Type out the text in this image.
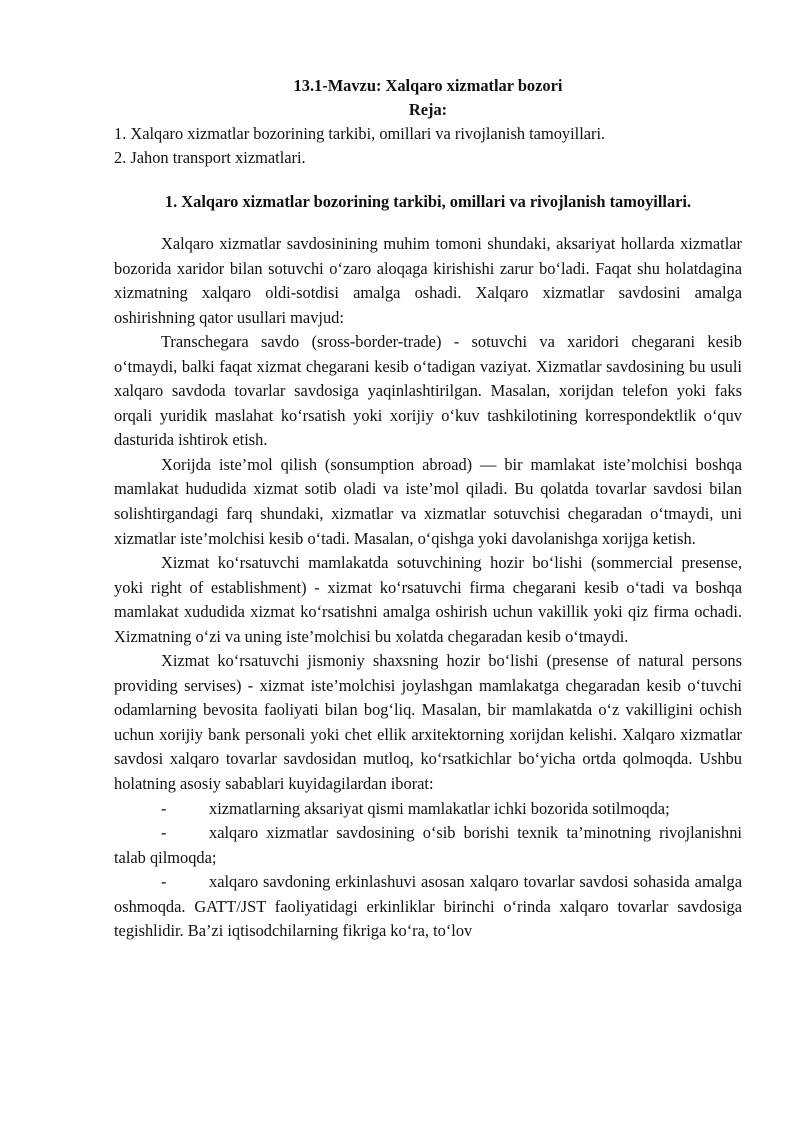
13.1-Mavzu: Xalqaro xizmatlar bozori
Reja:
1. Xalqaro xizmatlar bozorining tarkibi, omillari va rivojlanish tamoyillari.
2. Jahon transport xizmatlari.
1. Xalqaro xizmatlar bozorining tarkibi, omillari va rivojlanish tamoyillari.

Xalqaro xizmatlar savdosinining muhim tomoni shundaki, aksariyat hollarda xizmatlar bozorida xaridor bilan sotuvchi o‘zaro aloqaga kirishishi zarur bo‘ladi. Faqat shu holatdagina xizmatning xalqaro oldi-sotdisi amalga oshadi. Xalqaro xizmatlar savdosini amalga oshirishning qator usullari mavjud:

Transchegara savdo (sross-border-trade) - sotuvchi va xaridori chegarani kesib o‘tmaydi, balki faqat xizmat chegarani kesib o‘tadigan vaziyat. Xizmatlar savdosining bu usuli xalqaro savdoda tovarlar savdosiga yaqinlashtirilgan. Masalan, xorijdan telefon yoki faks orqali yuridik maslahat ko‘rsatish yoki xorijiy o‘kuv tashkilotining korrespondektlik o‘quv dasturida ishtirok etish.

Xorijda iste’mol qilish (sonsumption abroad) — bir mamlakat iste’molchisi boshqa mamlakat hududida xizmat sotib oladi va iste’mol qiladi. Bu qolatda tovarlar savdosi bilan solishtirgandagi farq shundaki, xizmatlar va xizmatlar sotuvchisi chegaradan o‘tmaydi, uni xizmatlar iste’molchisi kesib o‘tadi. Masalan, o‘qishga yoki davolanishga xorijga ketish.

Xizmat ko‘rsatuvchi mamlakatda sotuvchining hozir bo‘lishi (sommercial presense, yoki right of establishment) - xizmat ko‘rsatuvchi firma chegarani kesib o‘tadi va boshqa mamlakat xududida xizmat ko‘rsatishni amalga oshirish uchun vakillik yoki qiz firma ochadi. Xizmatning o‘zi va uning iste’molchisi bu xolatda chegaradan kesib o‘tmaydi.

Xizmat ko‘rsatuvchi jismoniy shaxsning hozir bo‘lishi (presense of natural persons providing servises) - xizmat iste’molchisi joylashgan mamlakatga chegaradan kesib o‘tuvchi odamlarning bevosita faoliyati bilan bog‘liq. Masalan, bir mamlakatda o‘z vakilligini ochish uchun xorijiy bank personali yoki chet ellik arxitektorning xorijdan kelishi. Xalqaro xizmatlar savdosi xalqaro tovarlar savdosidan mutloq, ko‘rsatkichlar bo‘yicha ortda qolmoqda. Ushbu holatning asosiy sabablari kuyidagilardan iborat:

-	xizmatlarning aksariyat qismi mamlakatlar ichki bozorida sotilmoqda;

-	xalqaro xizmatlar savdosining o‘sib borishi texnik ta’minotning rivojlanishni talab qilmoqda;

-	xalqaro savdoning erkinlashuvi asosan xalqaro tovarlar savdosi sohasida amalga oshmoqda. GATT/JST faoliyatidagi erkinliklar birinchi o‘rinda xalqaro tovarlar savdosiga tegishlidir. Ba’zi iqtisodchilarning fikriga ko‘ra, to‘lov
